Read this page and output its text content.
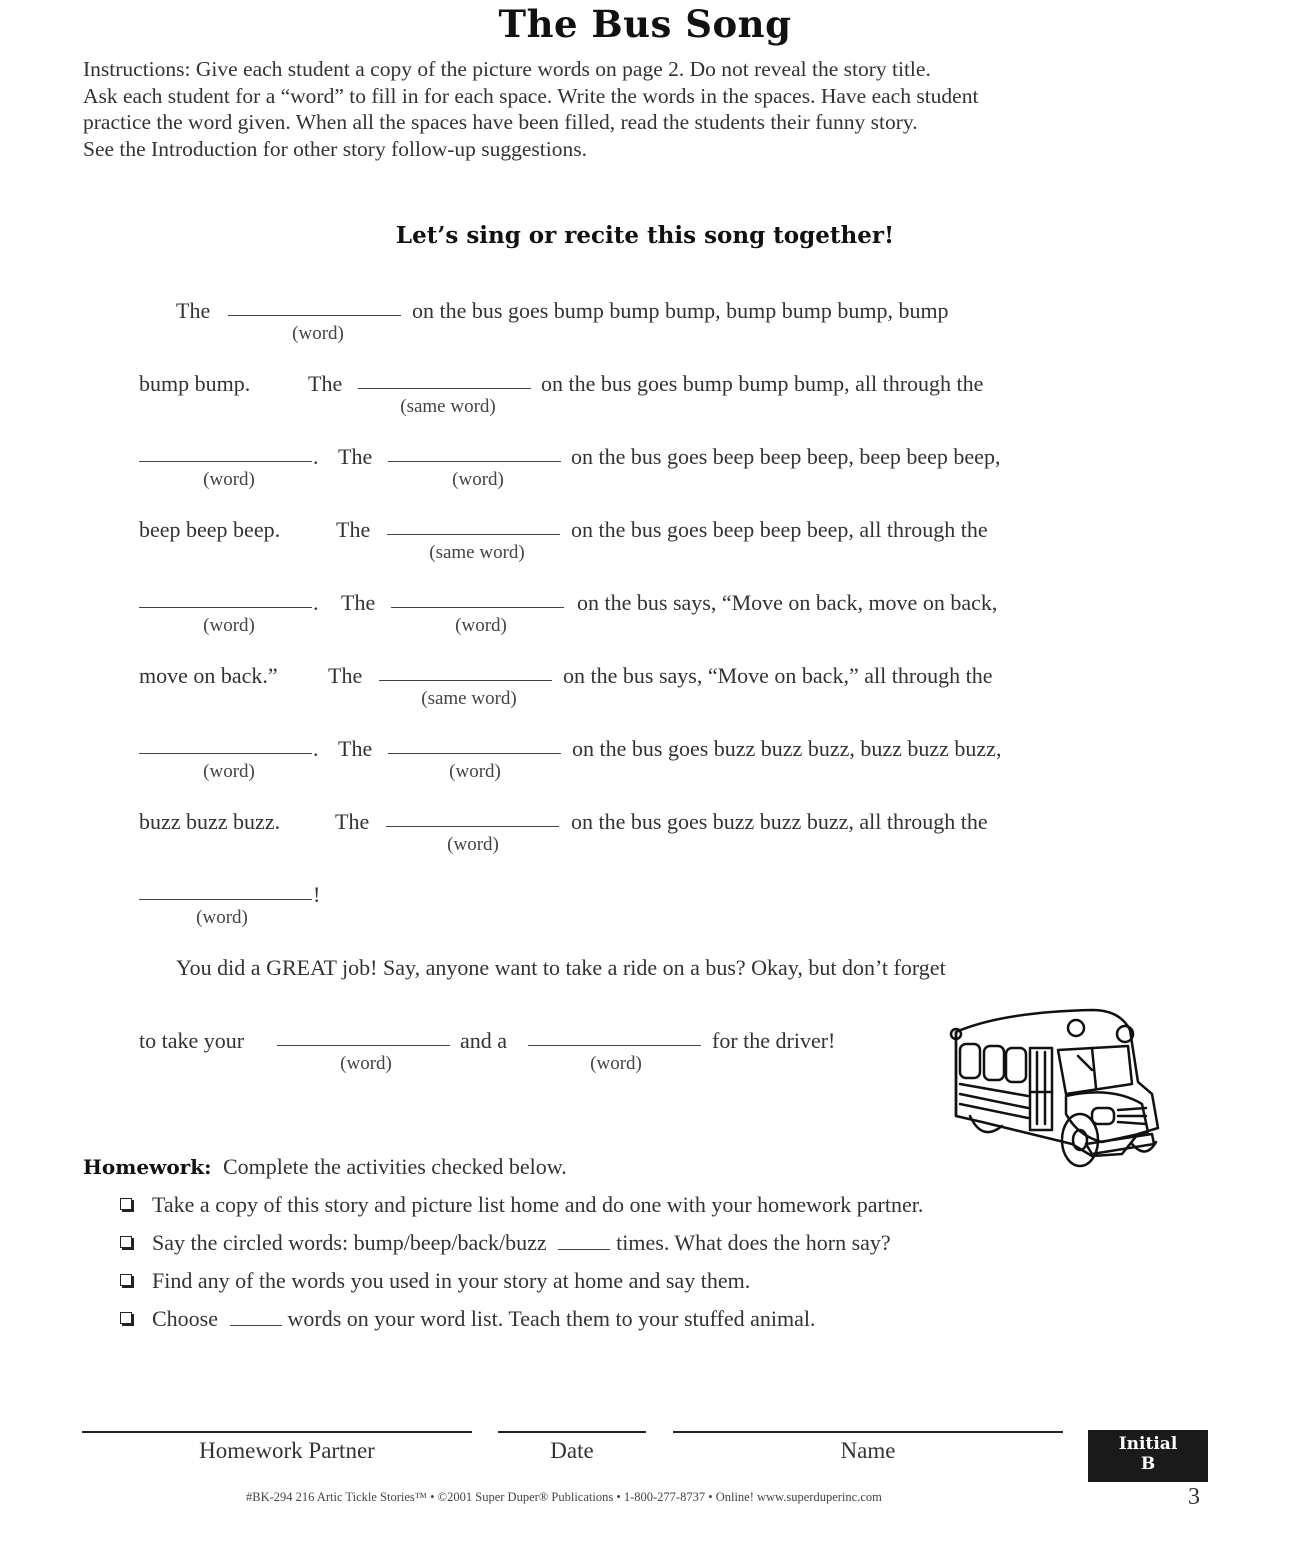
The Bus Song
Instructions: Give each student a copy of the picture words on page 2. Do not reveal the story title.
Ask each student for a “word” to fill in for each space. Write the words in the spaces. Have each student
practice the word given. When all the spaces have been filled, read the students their funny story.
See the Introduction for other story follow-up suggestions.
Let’s sing or recite this song together!
The
(word)
on the bus goes bump bump bump, bump bump bump, bump
bump bump.	The
(same word)
on the bus goes bump bump bump, all through the
(word)
. The
(word)
on the bus goes beep beep beep, beep beep beep,
beep beep beep.	The
(same word)
on the bus goes beep beep beep, all through the
(word)
. The
(word)
on the bus says, “Move on back, move on back,
move on back.” The
(same word)
on the bus says, “Move on back,” all through the
(word)
. The
(word)
on the bus goes buzz buzz buzz, buzz buzz buzz,
buzz buzz buzz. The
(word)
on the bus goes buzz buzz buzz, all through the
(word)
!
You did a GREAT job! Say, anyone want to take a ride on a bus? Okay, but don’t forget
to take your
(word)
and a
(word)
for the driver!
Homework: Complete the activities checked below.
Take a copy of this story and picture list home and do one with your homework partner.
Say the circled words: bump/beep/back/buzz	times. What does the horn say?
Find any of the words you used in your story at home and say them.
Choose	words on your word list. Teach them to your stuffed animal.
Homework Partner	Date	Name	Initial
B
#BK-294 216 Artic Tickle Stories™ • ©2001 Super Duper® Publications • 1-800-277-8737 • Online! www.superduperinc.com	3
